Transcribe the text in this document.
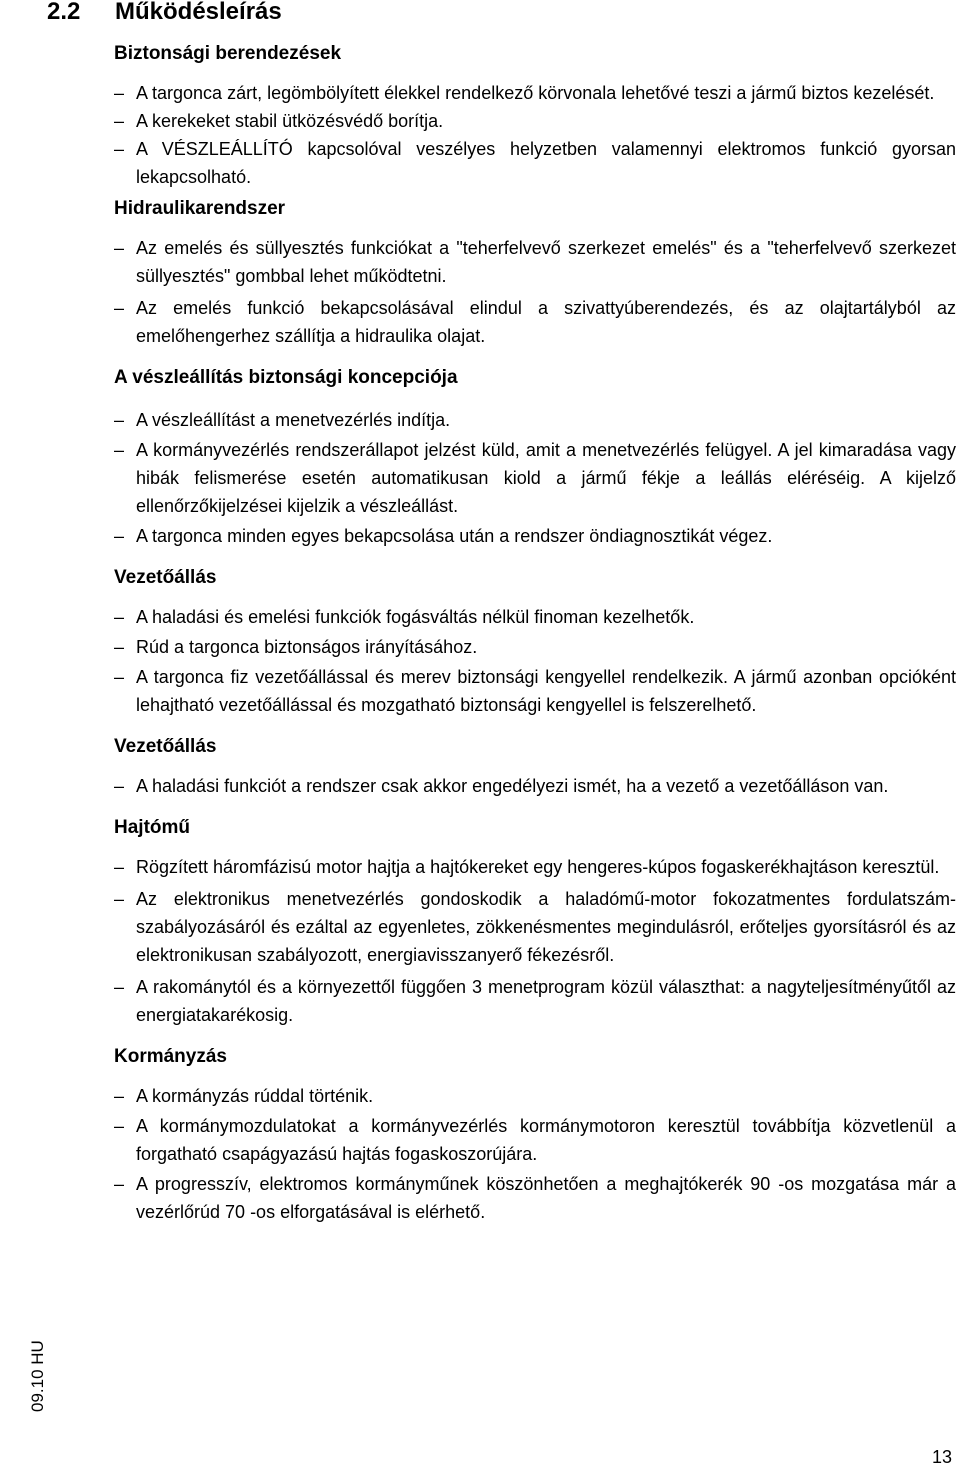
2.2 Működésleírás
Biztonsági berendezések
– A targonca zárt, legömbölyített élekkel rendelkező körvonala lehetővé teszi a jármű biztos kezelését.
– A kerekeket stabil ütközésvédő borítja.
– A VÉSZLEÁLLÍTÓ kapcsolóval veszélyes helyzetben valamennyi elektromos funkció gyorsan lekapcsolható.
Hidraulikarendszer
– Az emelés és süllyesztés funkciókat a "teherfelvevő szerkezet emelés" és a "teherfelvevő szerkezet süllyesztés" gombbal lehet működtetni.
– Az emelés funkció bekapcsolásával elindul a szivattyúberendezés, és az olajtartályból az emelőhengerhez szállítja a hidraulika olajat.
A vészleállítás biztonsági koncepciója
– A vészleállítást a menetvezérlés indítja.
– A kormányvezérlés rendszerállapot jelzést küld, amit a menetvezérlés felügyel. A jel kimaradása vagy hibák felismerése esetén automatikusan kiold a jármű fékje a leállás eléréséig. A kijelző ellenőrzőkijelzései kijelzik a vészleállást.
– A targonca minden egyes bekapcsolása után a rendszer öndiagnosztikát végez.
Vezetőállás
– A haladási és emelési funkciók fogásváltás nélkül finoman kezelhetők.
– Rúd a targonca biztonságos irányításához.
– A targonca fiz vezetőállással és merev biztonsági kengyellel rendelkezik. A jármű azonban opcióként lehajtható vezetőállással és mozgatható biztonsági kengyellel is felszerelhető.
Vezetőállás
– A haladási funkciót a rendszer csak akkor engedélyezi ismét, ha a vezető a vezetőálláson van.
Hajtómű
– Rögzített háromfázisú motor hajtja a hajtókereket egy hengeres-kúpos fogaskerékhajtáson keresztül.
– Az elektronikus menetvezérlés gondoskodik a haladómű-motor fokozatmentes fordulatszám-szabályozásáról és ezáltal az egyenletes, zökkenésmentes megindulásról, erőteljes gyorsításról és az elektronikusan szabályozott, energiavisszanyerő fékezésről.
– A rakománytól és a környezettől függően 3 menetprogram közül választhat: a nagyteljesítményűtől az energiatakarékosig.
Kormányzás
– A kormányzás rúddal történik.
– A kormánymozdulatokat a kormányvezérlés kormánymotoron keresztül továbbítja közvetlenül a forgatható csapágyazású hajtás fogaskoszorújára.
– A progresszív, elektromos kormányműnek köszönhetően a meghajtókerék 90 -os mozgatása már a vezérlőrúd 70 -os elforgatásával is elérhető.
09.10 HU
13
